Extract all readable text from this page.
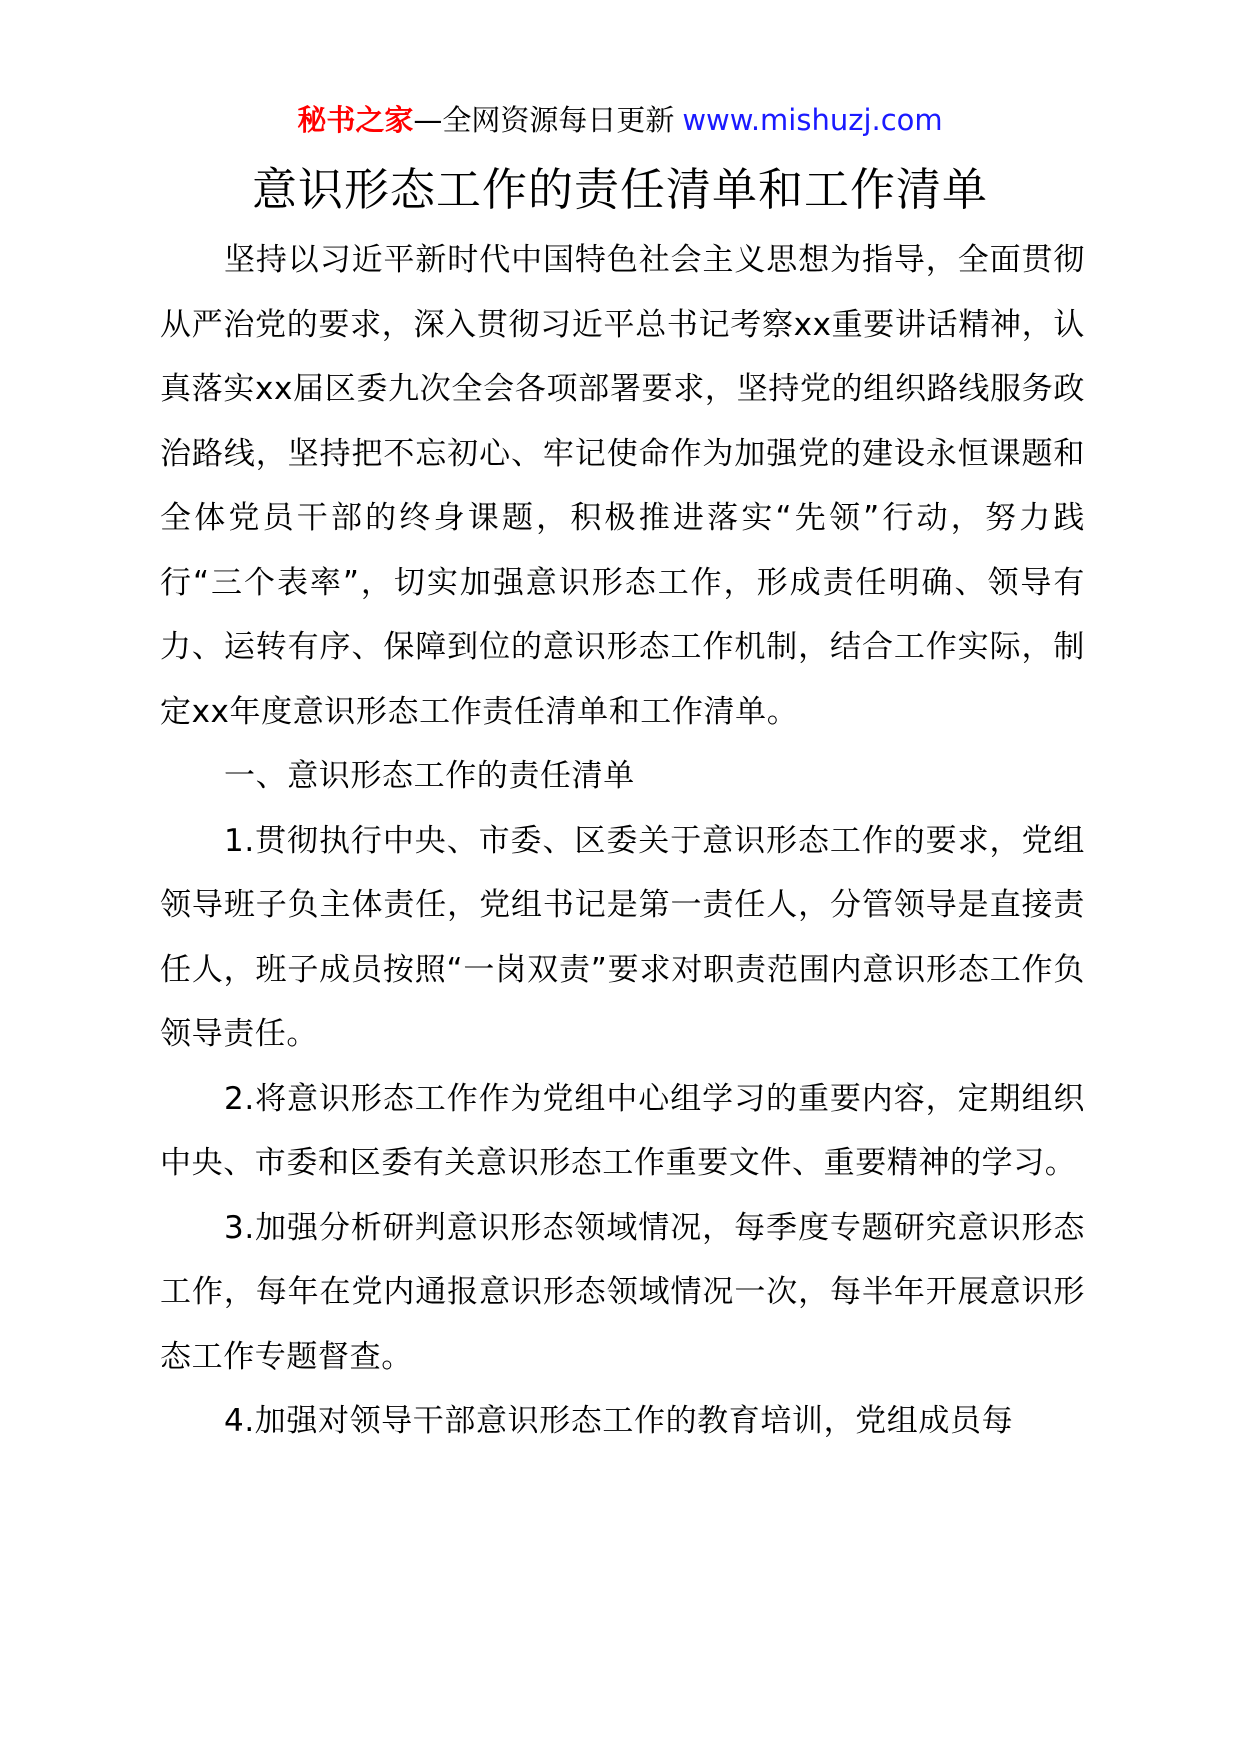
秘书之家—全网资源每日更新 www.mishuzj.com
意识形态工作的责任清单和工作清单

坚持以习近平新时代中国特色社会主义思想为指导，全面贯彻从严治党的要求，深入贯彻习近平总书记考察xx重要讲话精神，认真落实xx届区委九次全会各项部署要求，坚持党的组织路线服务政治路线，坚持把不忘初心、牢记使命作为加强党的建设永恒课题和全体党员干部的终身课题，积极推进落实“先领”行动，努力践行“三个表率”，切实加强意识形态工作，形成责任明确、领导有力、运转有序、保障到位的意识形态工作机制，结合工作实际，制定xx年度意识形态工作责任清单和工作清单。

一、意识形态工作的责任清单

1.贯彻执行中央、市委、区委关于意识形态工作的要求，党组领导班子负主体责任，党组书记是第一责任人，分管领导是直接责任人，班子成员按照“一岗双责”要求对职责范围内意识形态工作负领导责任。

2.将意识形态工作作为党组中心组学习的重要内容，定期组织中央、市委和区委有关意识形态工作重要文件、重要精神的学习。

3.加强分析研判意识形态领域情况，每季度专题研究意识形态工作，每年在党内通报意识形态领域情况一次，每半年开展意识形态工作专题督查。

4.加强对领导干部意识形态工作的教育培训，党组成员每
